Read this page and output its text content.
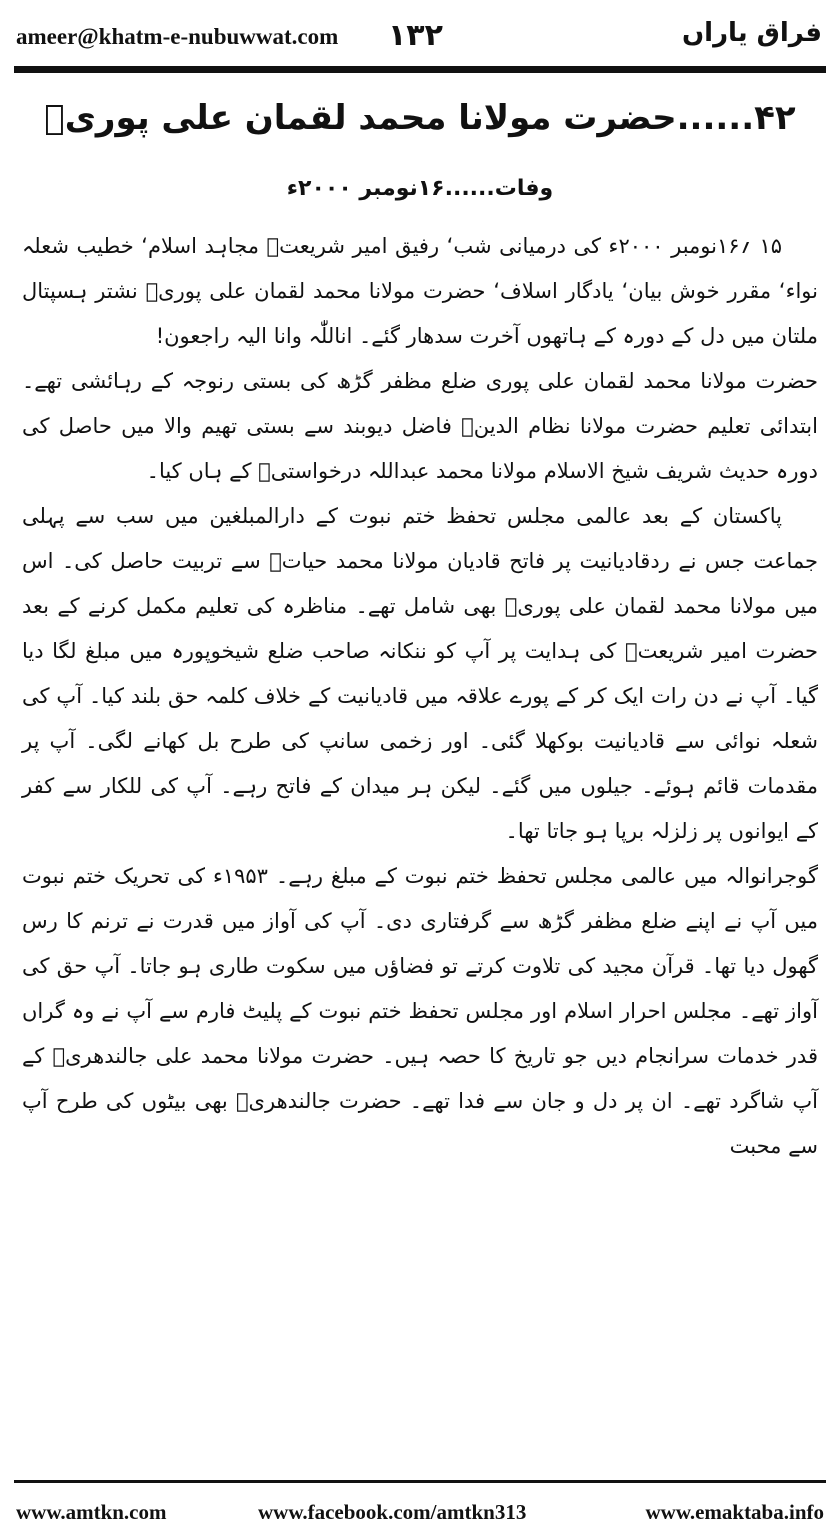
ameer@khatm-e-nubuwwat.com ۱۳۲	فراق یاراں
۴۲......حضرت مولانا محمد لقمان علی پوریؒ
وفات......۱۶نومبر ۲۰۰۰ء

۱۵ ؍۱۶نومبر ۲۰۰۰ء کی درمیانی شب‘ رفیق امیر شریعتؒ مجاہد اسلام‘ خطیب شعلہ نواء‘ مقرر خوش بیان‘ یادگار اسلاف‘ حضرت مولانا محمد لقمان علی پوریؒ نشتر ہسپتال ملتان میں دل کے دورہ کے ہاتھوں آخرت سدھار گئے۔ اناللّٰہ وانا الیہ راجعون!

حضرت مولانا محمد لقمان علی پوری ضلع مظفر گڑھ کی بستی رنوجہ کے رہائشی تھے۔ ابتدائی تعلیم حضرت مولانا نظام الدینؒ فاضل دیوبند سے بستی تھیم والا میں حاصل کی دورہ حدیث شریف شیخ الاسلام مولانا محمد عبداللہ درخواستیؒ کے ہاں کیا۔

پاکستان کے بعد عالمی مجلس تحفظ ختم نبوت کے دارالمبلغین میں سب سے پہلی جماعت جس نے ردقادیانیت پر فاتح قادیان مولانا محمد حیاتؒ سے تربیت حاصل کی۔ اس میں مولانا محمد لقمان علی پوریؒ بھی شامل تھے۔ مناظرہ کی تعلیم مکمل کرنے کے بعد حضرت امیر شریعتؒ کی ہدایت پر آپ کو ننکانہ صاحب ضلع شیخوپورہ میں مبلغ لگا دیا گیا۔ آپ نے دن رات ایک کر کے پورے علاقہ میں قادیانیت کے خلاف کلمہ حق بلند کیا۔ آپ کی شعلہ نوائی سے قادیانیت بوکھلا گئی۔ اور زخمی سانپ کی طرح بل کھانے لگی۔ آپ پر مقدمات قائم ہوئے۔ جیلوں میں گئے۔ لیکن ہر میدان کے فاتح رہے۔ آپ کی للکار سے کفر کے ایوانوں پر زلزلہ برپا ہو جاتا تھا۔

گوجرانوالہ میں عالمی مجلس تحفظ ختم نبوت کے مبلغ رہے۔ ۱۹۵۳ء کی تحریک ختم نبوت میں آپ نے اپنے ضلع مظفر گڑھ سے گرفتاری دی۔ آپ کی آواز میں قدرت نے ترنم کا رس گھول دیا تھا۔ قرآن مجید کی تلاوت کرتے تو فضاؤں میں سکوت طاری ہو جاتا۔ آپ حق کی آواز تھے۔ مجلس احرار اسلام اور مجلس تحفظ ختم نبوت کے پلیٹ فارم سے آپ نے وہ گراں قدر خدمات سرانجام دیں جو تاریخ کا حصہ ہیں۔ حضرت مولانا محمد علی جالندھریؒ کے آپ شاگرد تھے۔ ان پر دل و جان سے فدا تھے۔ حضرت جالندھریؒ بھی بیٹوں کی طرح آپ سے محبت

www.amtkn.com	www.facebook.com/amtkn313	www.emaktaba.info
